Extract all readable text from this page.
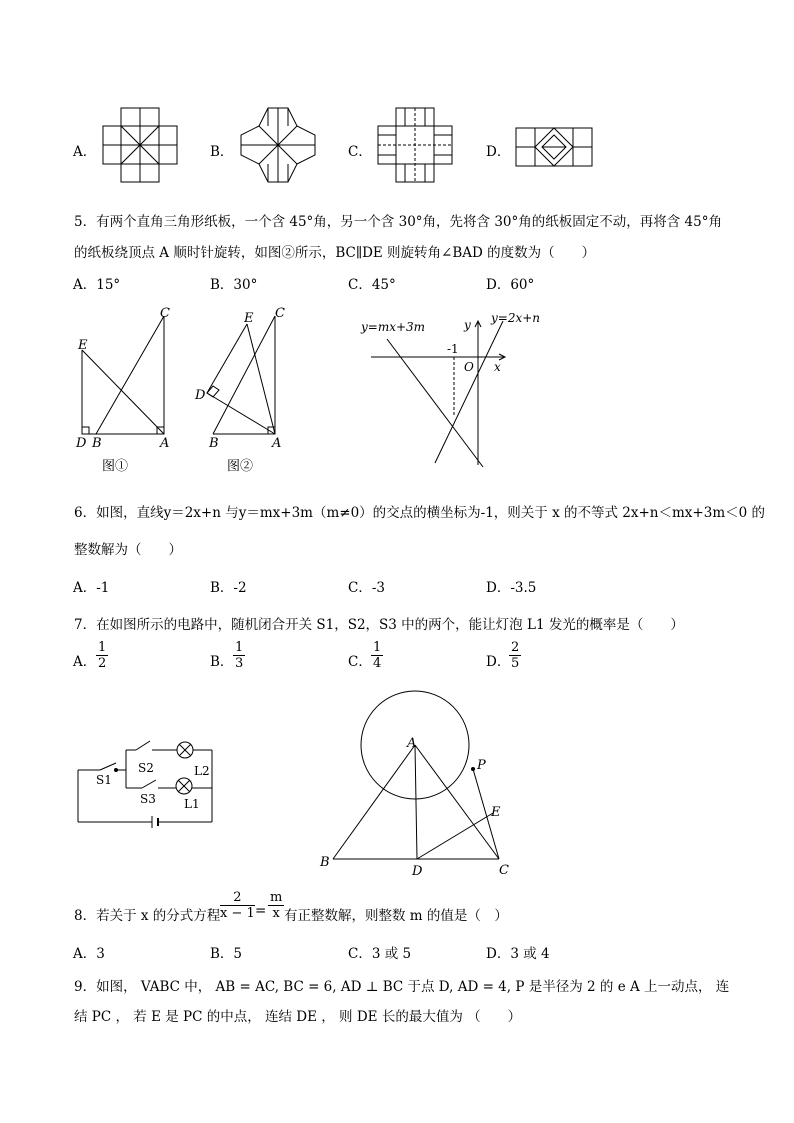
A．	B．	C．	D．
5．有两个直角三角形纸板，一个含 45°角，另一个含 30°角，先将含 30°角的纸板固定不动，再将含 45°角
的纸板绕顶点 A 顺时针旋转，如图②所示，BC∥DE 则旋转角∠BAD 的度数为（　　）
A．15°	B．30°	C．45°	D．60°
E
C
D B	A
图①
E C
D
B	A
图②
y=mx+3m
y=2x+n
y
x
O
-1
6．如图，直线y＝2x+n 与y＝mx+3m（m≠0）的交点的横坐标为-1，则关于 x 的不等式 2x+n＜mx+3m＜0 的
整数解为（　　）
A．-1	B．-2	C．-3	D．-3.5
7．在如图所示的电路中，随机闭合开关 S1，S2，S3 中的两个，能让灯泡 L1 发光的概率是（　　）
A． $\frac{1}{2}$	B． $\frac{1}{3}$	C． $\frac{1}{4}$	D．
$\frac{2}{5}$
S1
S2
S3
L2
L1
A
P
E
B
D	C
8．若关于 x 的分式方程 $\frac{2}{x - 1} = \frac{m}{x}$ 有正整数解，则整数 m 的值是（　）
A．3	B．5	C．3 或 5	D．3 或 4
9．如图， VABC 中， AB = AC, BC = 6, AD ⊥ BC 于点 D, AD = 4, P 是半径为 2 的 e A 上一动点， 连
结 PC ， 若 E 是 PC 的中点， 连结 DE ， 则 DE 长的最大值为 （　　）
